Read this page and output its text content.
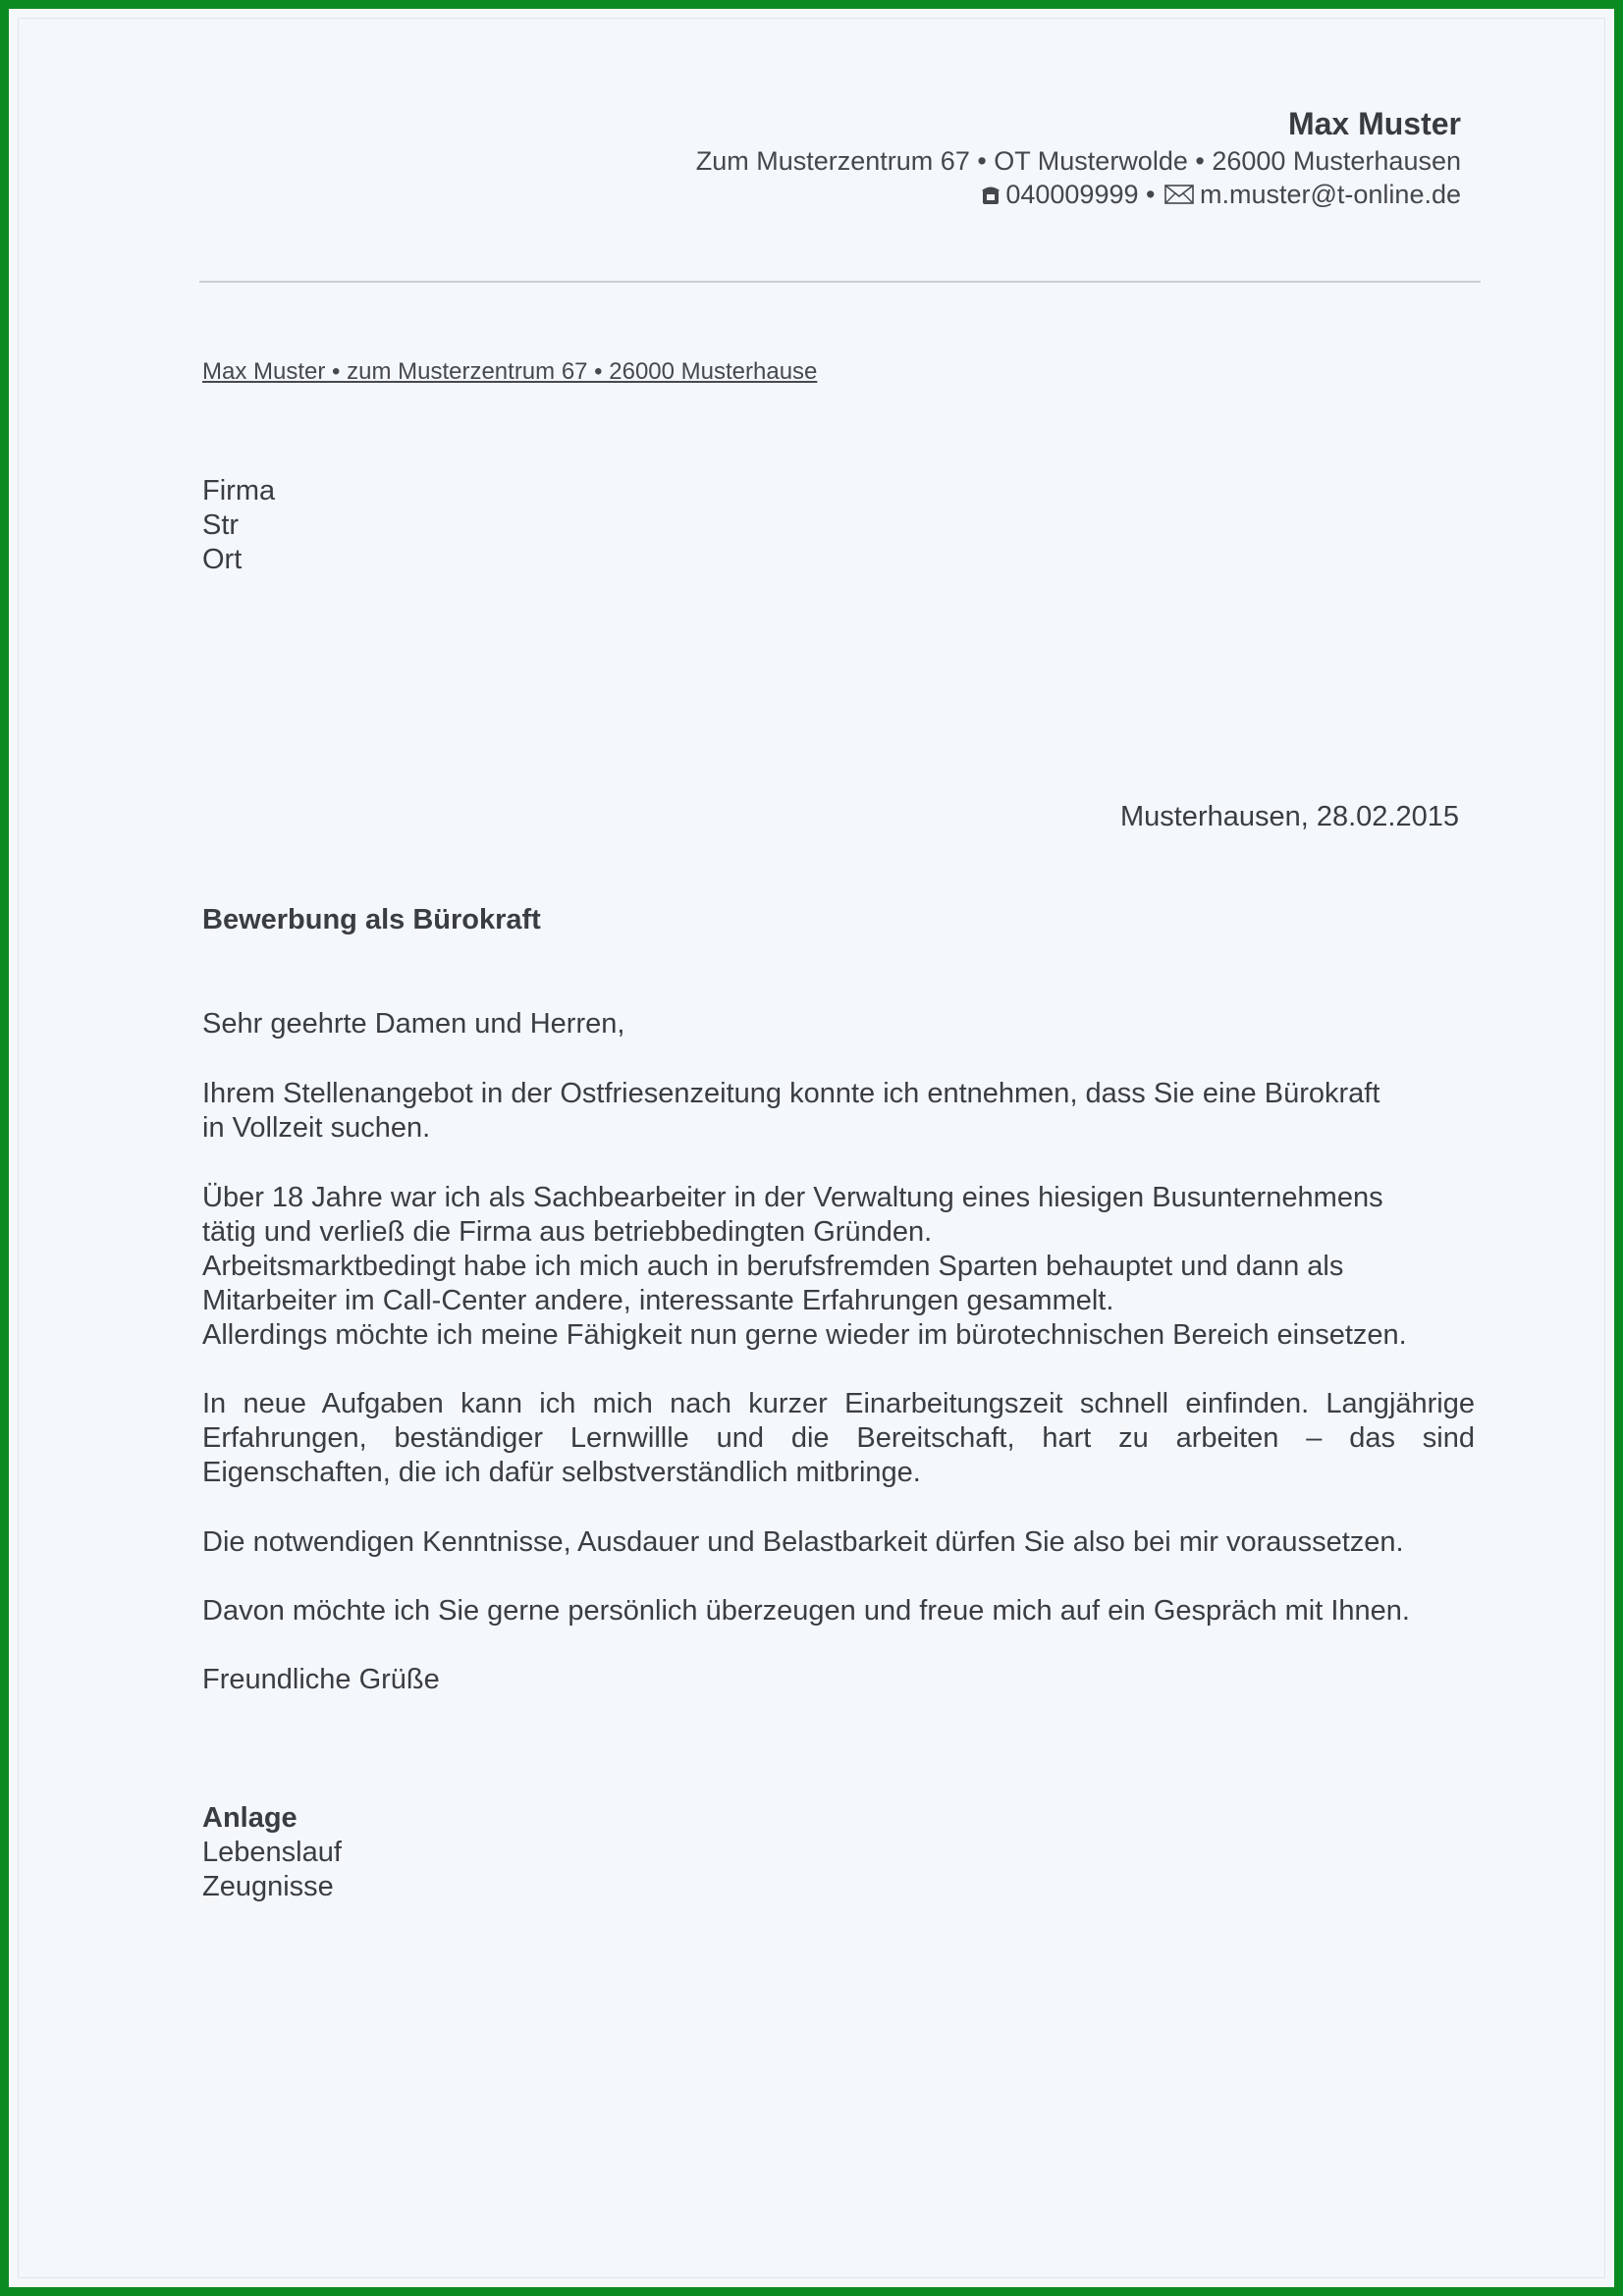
Max Muster
Zum Musterzentrum 67 • OT Musterwolde • 26000 Musterhausen
040009999 • m.muster@t-online.de
Max Muster • zum Musterzentrum 67 • 26000 Musterhause
Firma
Str
Ort
Musterhausen, 28.02.2015
Bewerbung als Bürokraft
Sehr geehrte Damen und Herren,
Ihrem Stellenangebot in der Ostfriesenzeitung konnte ich entnehmen, dass Sie eine Bürokraft
in Vollzeit suchen.
Über 18 Jahre war ich als Sachbearbeiter in der Verwaltung eines hiesigen Busunternehmens
tätig und verließ die Firma aus betriebbedingten Gründen.
Arbeitsmarktbedingt habe ich mich auch in berufsfremden Sparten behauptet und dann als
Mitarbeiter im Call-Center andere, interessante Erfahrungen gesammelt.
Allerdings möchte ich meine Fähigkeit nun gerne wieder im bürotechnischen Bereich einsetzen.
In neue Aufgaben kann ich mich nach kurzer Einarbeitungszeit schnell einfinden. Langjährige
Erfahrungen, beständiger Lernwillle und die Bereitschaft, hart zu arbeiten – das sind
Eigenschaften, die ich dafür selbstverständlich mitbringe.
Die notwendigen Kenntnisse, Ausdauer und Belastbarkeit dürfen Sie also bei mir voraussetzen.
Davon möchte ich Sie gerne persönlich überzeugen und freue mich auf ein Gespräch mit Ihnen.
Freundliche Grüße
Anlage
Lebenslauf
Zeugnisse
